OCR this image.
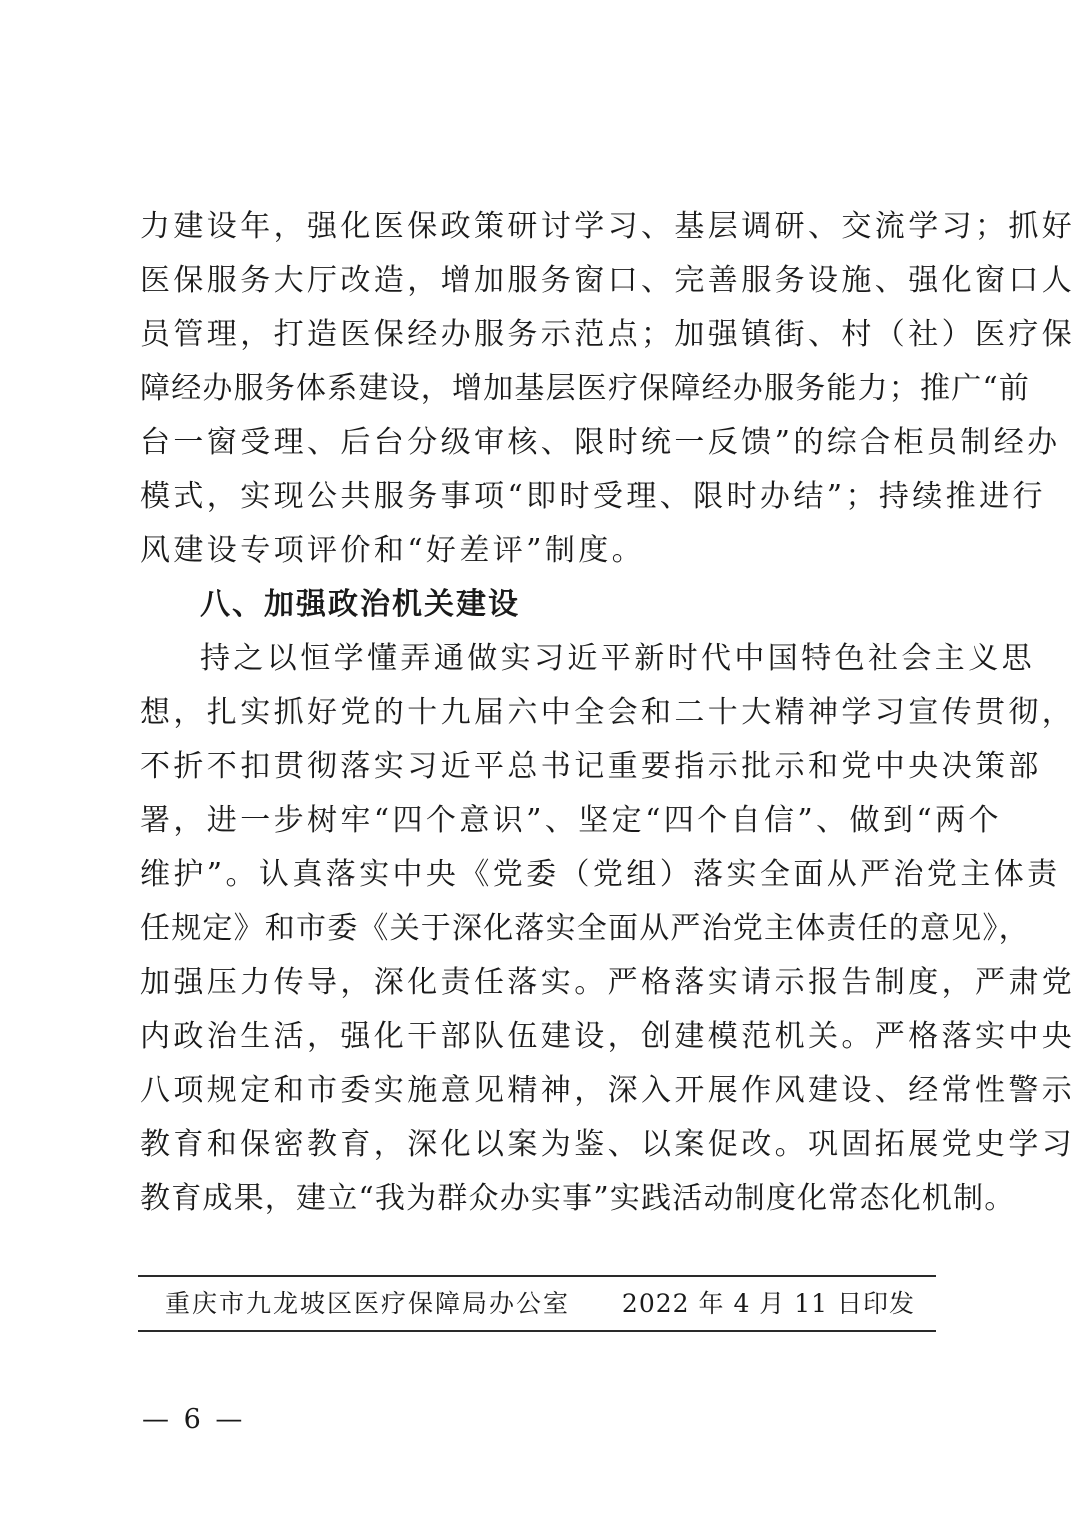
力建设年，强化医保政策研讨学习、基层调研、交流学习；抓好
医保服务大厅改造，增加服务窗口、完善服务设施、强化窗口人
员管理，打造医保经办服务示范点；加强镇街、村（社）医疗保
障经办服务体系建设，增加基层医疗保障经办服务能力；推广“前
台一窗受理、后台分级审核、限时统一反馈”的综合柜员制经办
模式，实现公共服务事项“即时受理、限时办结”；持续推进行
风建设专项评价和“好差评”制度。
八、加强政治机关建设
持之以恒学懂弄通做实习近平新时代中国特色社会主义思
想，扎实抓好党的十九届六中全会和二十大精神学习宣传贯彻，
不折不扣贯彻落实习近平总书记重要指示批示和党中央决策部
署，进一步树牢“四个意识”、坚定“四个自信”、做到“两个
维护”。认真落实中央《党委（党组）落实全面从严治党主体责
任规定》和市委《关于深化落实全面从严治党主体责任的意见》，
加强压力传导，深化责任落实。严格落实请示报告制度，严肃党
内政治生活，强化干部队伍建设，创建模范机关。严格落实中央
八项规定和市委实施意见精神，深入开展作风建设、经常性警示
教育和保密教育，深化以案为鉴、以案促改。巩固拓展党史学习
教育成果，建立“我为群众办实事”实践活动制度化常态化机制。
重庆市九龙坡区医疗保障局办公室 2022 年 4 月 11 日印发
— 6 —
